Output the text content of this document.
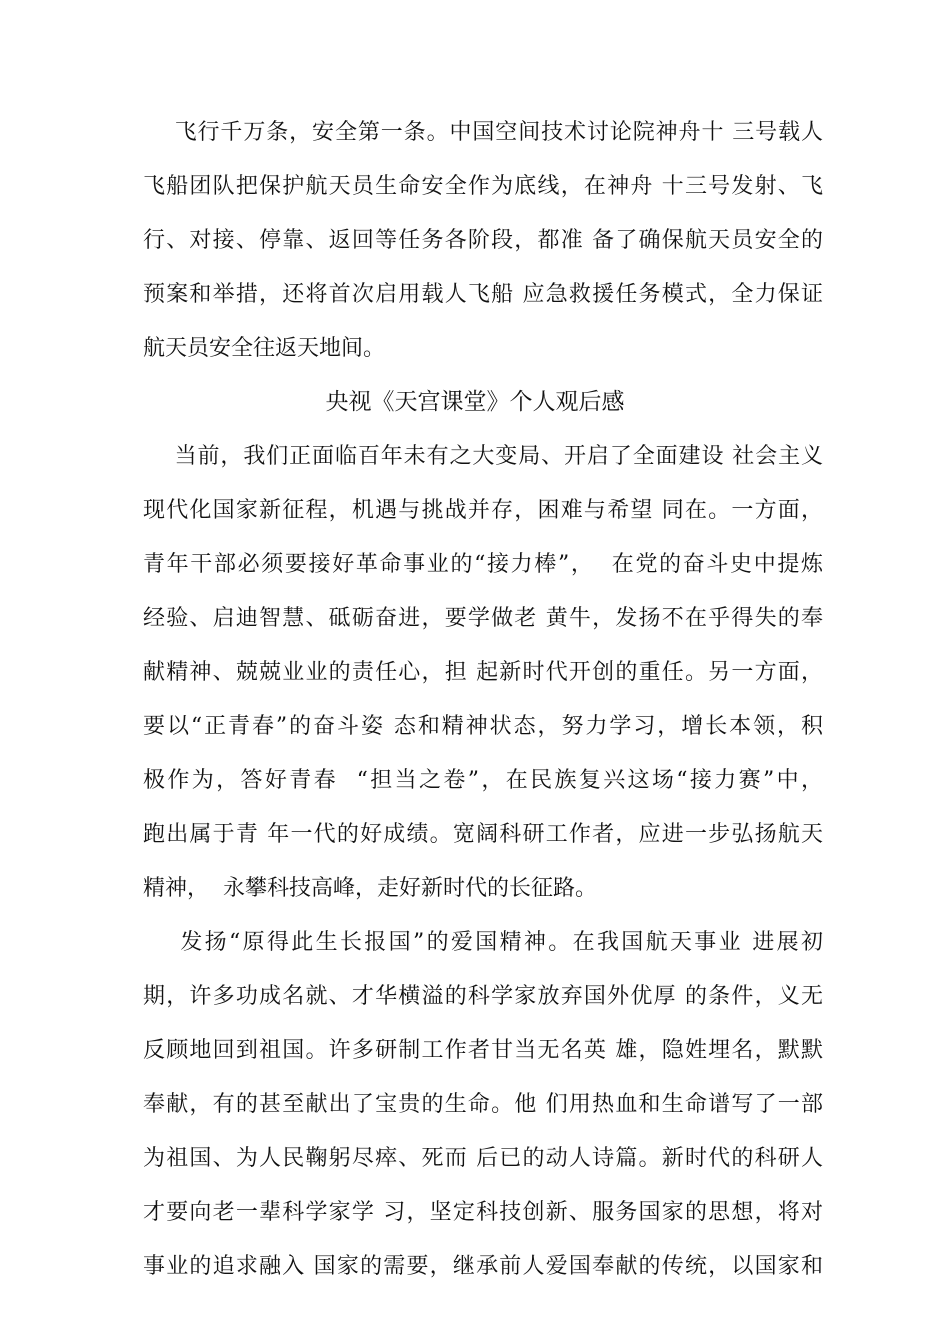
飞行千万条，安全第一条。中国空间技术讨论院神舟十 三号载人
飞船团队把保护航天员生命安全作为底线，在神舟 十三号发射、飞
行、对接、停靠、返回等任务各阶段，都准 备了确保航天员安全的
预案和举措，还将首次启用载人飞船 应急救援任务模式，全力保证
航天员安全往返天地间。
央视《天宫课堂》个人观后感
当前，我们正面临百年未有之大变局、开启了全面建设 社会主义
现代化国家新征程，机遇与挑战并存，困难与希望 同在。一方面，
青年干部必须要接好革命事业的“接力棒”，  在党的奋斗史中提炼
经验、启迪智慧、砥砺奋进，要学做老 黄牛，发扬不在乎得失的奉
献精神、兢兢业业的责任心，担 起新时代开创的重任。另一方面，
要以“正青春”的奋斗姿 态和精神状态，努力学习，增长本领，积
极作为，答好青春  “担当之卷”，在民族复兴这场“接力赛”中，
跑出属于青 年一代的好成绩。宽阔科研工作者，应进一步弘扬航天
精神，  永攀科技高峰，走好新时代的长征路。
发扬“原得此生长报国”的爱国精神。在我国航天事业 进展初
期，许多功成名就、才华横溢的科学家放弃国外优厚 的条件，义无
反顾地回到祖国。许多研制工作者甘当无名英 雄，隐姓埋名，默默
奉献，有的甚至献出了宝贵的生命。他 们用热血和生命谱写了一部
为祖国、为人民鞠躬尽瘁、死而 后已的动人诗篇。新时代的科研人
才要向老一辈科学家学 习，坚定科技创新、服务国家的思想，将对
事业的追求融入 国家的需要，继承前人爱国奉献的传统，以国家和
